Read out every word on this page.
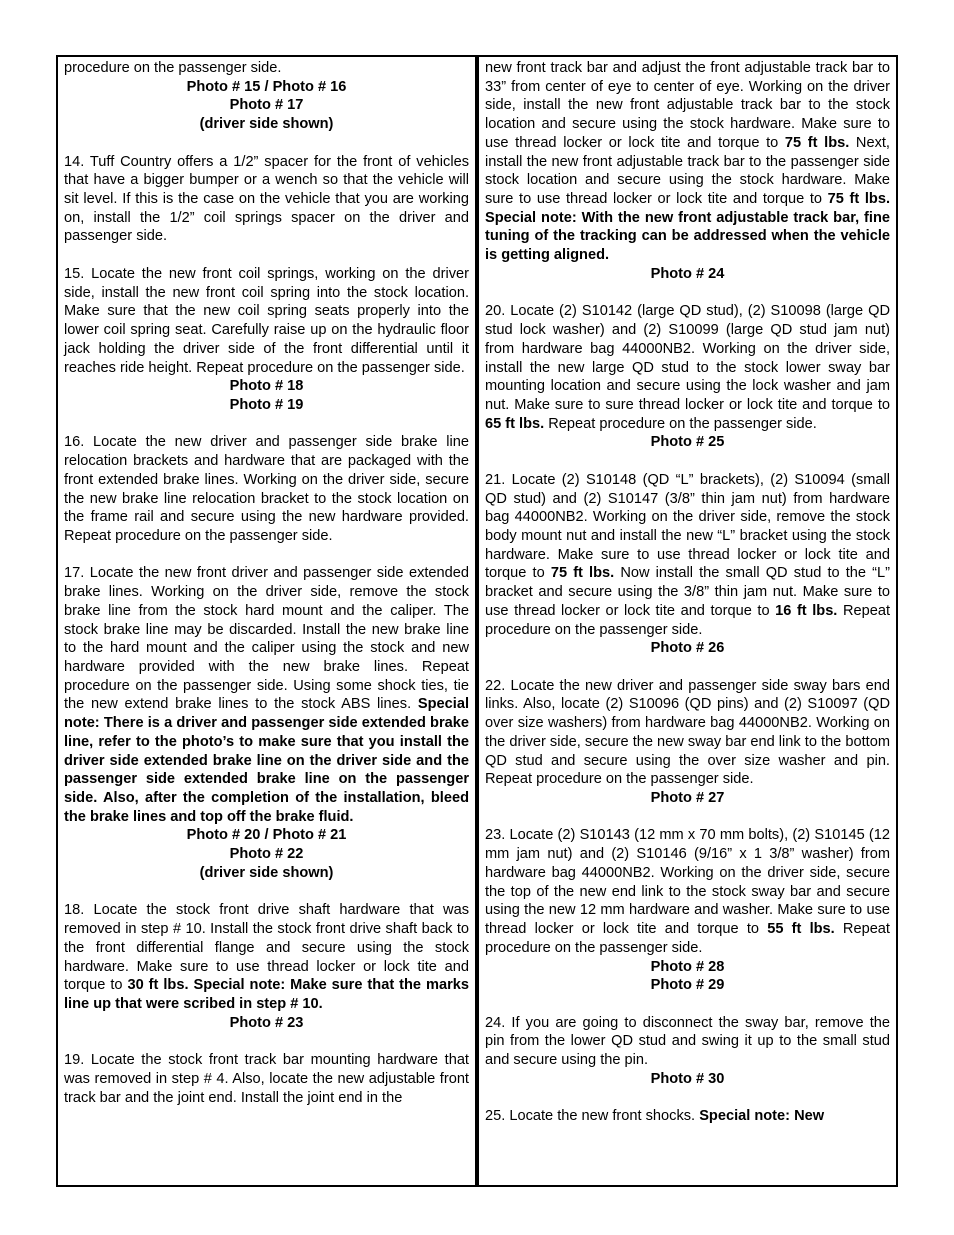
procedure on the passenger side.
Photo # 15 / Photo # 16
Photo # 17
(driver side shown)

14. Tuff Country offers a 1/2” spacer for the front of vehicles that have a bigger bumper or a wench so that the vehicle will sit level. If this is the case on the vehicle that you are working on, install the 1/2” coil springs spacer on the driver and passenger side.

15. Locate the new front coil springs, working on the driver side, install the new front coil spring into the stock location. Make sure that the new coil spring seats properly into the lower coil spring seat. Carefully raise up on the hydraulic floor jack holding the driver side of the front differential until it reaches ride height. Repeat procedure on the passenger side.
Photo # 18
Photo # 19

16. Locate the new driver and passenger side brake line relocation brackets and hardware that are packaged with the front extended brake lines. Working on the driver side, secure the new brake line relocation bracket to the stock location on the frame rail and secure using the new hardware provided. Repeat procedure on the passenger side.

17. Locate the new front driver and passenger side extended brake lines. Working on the driver side, remove the stock brake line from the stock hard mount and the caliper. The stock brake line may be discarded. Install the new brake line to the hard mount and the caliper using the stock and new hardware provided with the new brake lines. Repeat procedure on the passenger side. Using some shock ties, tie the new extend brake lines to the stock ABS lines. Special note: There is a driver and passenger side extended brake line, refer to the photo’s to make sure that you install the driver side extended brake line on the driver side and the passenger side extended brake line on the passenger side. Also, after the completion of the installation, bleed the brake lines and top off the brake fluid.
Photo # 20 / Photo # 21
Photo # 22
(driver side shown)
18. Locate the stock front drive shaft hardware that was removed in step # 10. Install the stock front drive shaft back to the front differential flange and secure using the stock hardware. Make sure to use thread locker or lock tite and torque to 30 ft lbs. Special note: Make sure that the marks line up that were scribed in step # 10.
Photo # 23

19. Locate the stock front track bar mounting hardware that was removed in step # 4. Also, locate the new adjustable front track bar and the joint end. Install the joint end in the

new front track bar and adjust the front adjustable track bar to 33” from center of eye to center of eye. Working on the driver side, install the new front adjustable track bar to the stock location and secure using the stock hardware. Make sure to use thread locker or lock tite and torque to 75 ft lbs. Next, install the new front adjustable track bar to the passenger side stock location and secure using the stock hardware. Make sure to use thread locker or lock tite and torque to 75 ft lbs. Special note: With the new front adjustable track bar, fine tuning of the tracking can be addressed when the vehicle is getting aligned.
Photo # 24
20. Locate (2) S10142 (large QD stud), (2) S10098 (large QD stud lock washer) and (2) S10099 (large QD stud jam nut) from hardware bag 44000NB2. Working on the driver side, install the new large QD stud to the stock lower sway bar mounting location and secure using the lock washer and jam nut. Make sure to sure thread locker or lock tite and torque to 65 ft lbs. Repeat procedure on the passenger side.
Photo # 25
21. Locate (2) S10148 (QD “L” brackets), (2) S10094 (small QD stud) and (2) S10147 (3/8” thin jam nut) from hardware bag 44000NB2. Working on the driver side, remove the stock body mount nut and install the new “L” bracket using the stock hardware. Make sure to use thread locker or lock tite and torque to 75 ft lbs. Now install the small QD stud to the “L” bracket and secure using the 3/8” thin jam nut. Make sure to use thread locker or lock tite and torque to 16 ft lbs. Repeat procedure on the passenger side.
Photo # 26
22. Locate the new driver and passenger side sway bars end links. Also, locate (2) S10096 (QD pins) and (2) S10097 (QD over size washers) from hardware bag 44000NB2. Working on the driver side, secure the new sway bar end link to the bottom QD stud and secure using the over size washer and pin. Repeat procedure on the passenger side.
Photo # 27
23. Locate (2) S10143 (12 mm x 70 mm bolts), (2) S10145 (12 mm jam nut) and (2) S10146 (9/16” x 1 3/8” washer) from hardware bag 44000NB2. Working on the driver side, secure the top of the new end link to the stock sway bar and secure using the new 12 mm hardware and washer. Make sure to use thread locker or lock tite and torque to 55 ft lbs. Repeat procedure on the passenger side.
Photo # 28
Photo # 29
24. If you are going to disconnect the sway bar, remove the pin from the lower QD stud and swing it up to the small stud and secure using the pin.
Photo # 30

25. Locate the new front shocks. Special note: New
